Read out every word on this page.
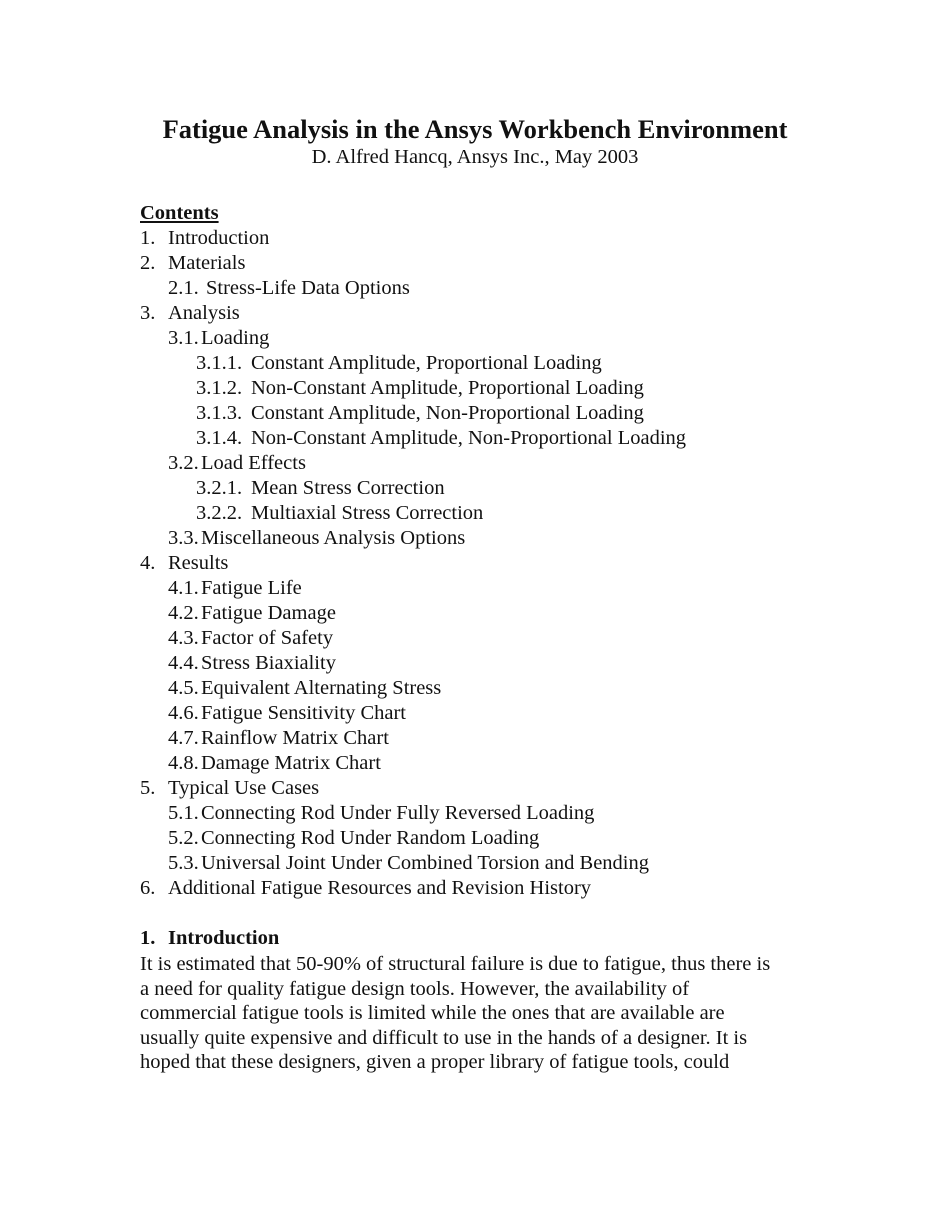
Fatigue Analysis in the Ansys Workbench Environment
D. Alfred Hancq, Ansys Inc., May 2003
Contents
1. Introduction
2. Materials
2.1. Stress-Life Data Options
3. Analysis
3.1. Loading
3.1.1. Constant Amplitude, Proportional Loading
3.1.2. Non-Constant Amplitude, Proportional Loading
3.1.3. Constant Amplitude, Non-Proportional Loading
3.1.4. Non-Constant Amplitude, Non-Proportional Loading
3.2. Load Effects
3.2.1. Mean Stress Correction
3.2.2. Multiaxial Stress Correction
3.3. Miscellaneous Analysis Options
4. Results
4.1. Fatigue Life
4.2. Fatigue Damage
4.3. Factor of Safety
4.4. Stress Biaxiality
4.5. Equivalent Alternating Stress
4.6. Fatigue Sensitivity Chart
4.7. Rainflow Matrix Chart
4.8. Damage Matrix Chart
5. Typical Use Cases
5.1. Connecting Rod Under Fully Reversed Loading
5.2. Connecting Rod Under Random Loading
5.3. Universal Joint Under Combined Torsion and Bending
6. Additional Fatigue Resources and Revision History
1. Introduction
It is estimated that 50-90% of structural failure is due to fatigue, thus there is
a need for quality fatigue design tools. However, the availability of
commercial fatigue tools is limited while the ones that are available are
usually quite expensive and difficult to use in the hands of a designer. It is
hoped that these designers, given a proper library of fatigue tools, could
